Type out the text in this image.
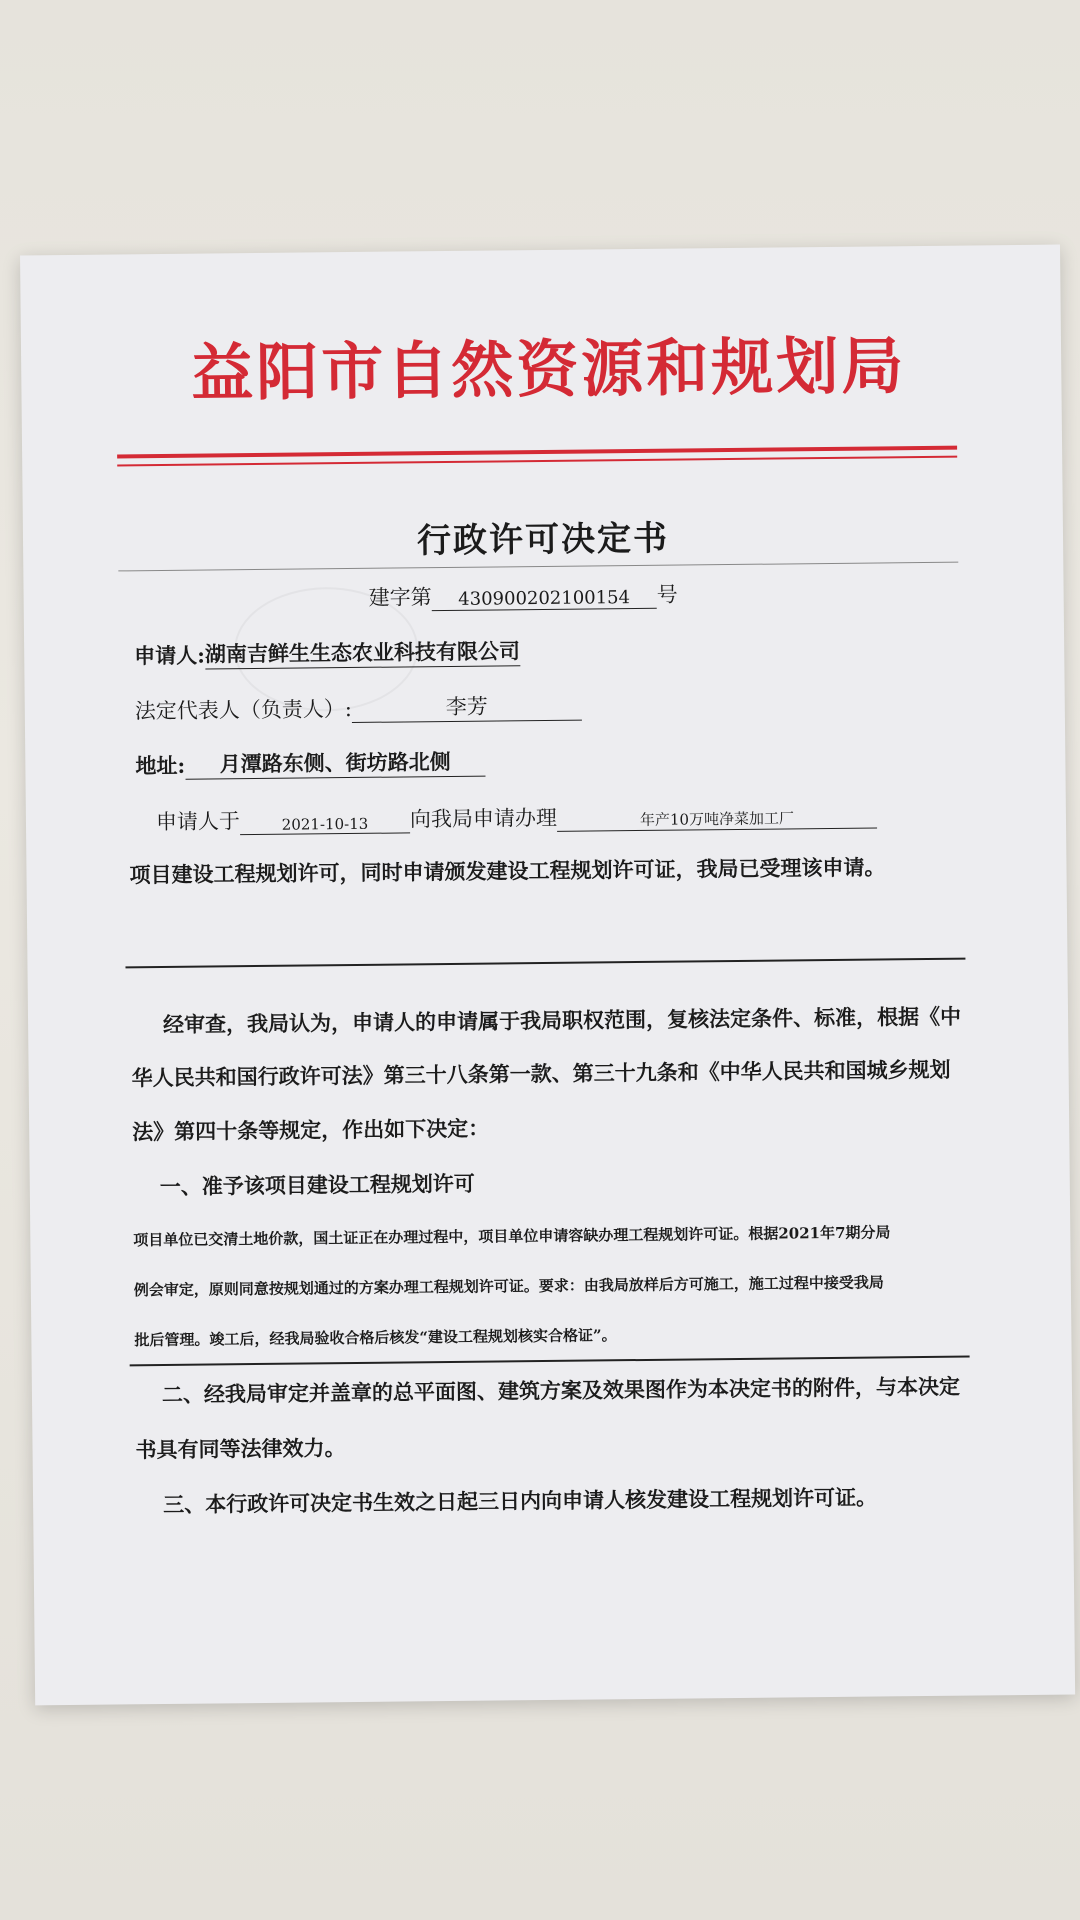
益阳市自然资源和规划局
行政许可决定书
建字第	430900202100154	号
申请人: 湖南吉鲜生生态农业科技有限公司
法定代表人（负责人）:	李芳
地址:	月潭路东侧、街坊路北侧
申请人于	2021-10-13	向我局申请办理	年产10万吨净菜加工厂
项目建设工程规划许可，同时申请颁发建设工程规划许可证，我局已受理该申请。
经审查，我局认为，申请人的申请属于我局职权范围，复核法定条件、标准，根据《中
华人民共和国行政许可法》第三十八条第一款、第三十九条和《中华人民共和国城乡规划
法》第四十条等规定，作出如下决定：
一、准予该项目建设工程规划许可
项目单位已交清土地价款，国土证正在办理过程中，项目单位申请容缺办理工程规划许可证。根据2021年7期分局
例会审定，原则同意按规划通过的方案办理工程规划许可证。要求：由我局放样后方可施工，施工过程中接受我局
批后管理。竣工后，经我局验收合格后核发“建设工程规划核实合格证”。
二、经我局审定并盖章的总平面图、建筑方案及效果图作为本决定书的附件，与本决定
书具有同等法律效力。
三、本行政许可决定书生效之日起三日内向申请人核发建设工程规划许可证。
